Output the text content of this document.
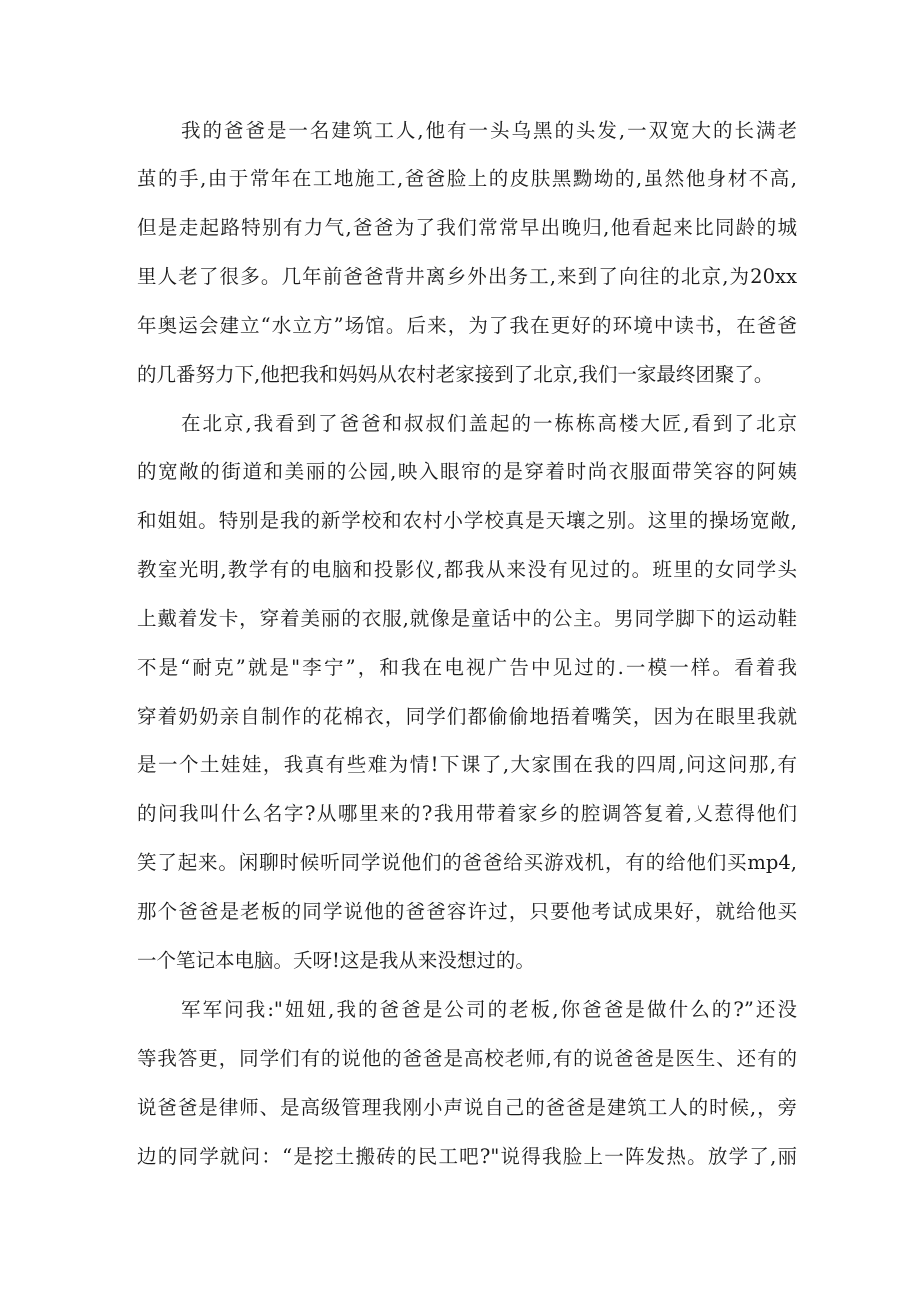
我的爸爸是一名建筑工人,他有一头乌黑的头发,一双宽大的长满老
茧的手,由于常年在工地施工,爸爸脸上的皮肤黑黝坳的,虽然他身材不高,
但是走起路特别有力气,爸爸为了我们常常早出晚归,他看起来比同龄的城
里人老了很多。几年前爸爸背井离乡外出务工,来到了向往的北京,为20xx
年奥运会建立“水立方”场馆。后来，为了我在更好的环境中读书，在爸爸
的几番努力下,他把我和妈妈从农村老家接到了北京,我们一家最终团聚了。
在北京,我看到了爸爸和叔叔们盖起的一栋栋高楼大匠,看到了北京
的宽敞的街道和美丽的公园,映入眼帘的是穿着时尚衣服面带笑容的阿姨
和姐姐。特别是我的新学校和农村小学校真是天壤之别。这里的操场宽敞,
教室光明,教学有的电脑和投影仪,都我从来没有见过的。班里的女同学头
上戴着发卡，穿着美丽的衣服,就像是童话中的公主。男同学脚下的运动鞋
不是“耐克”就是"李宁”，和我在电视广告中见过的.一模一样。看着我
穿着奶奶亲自制作的花棉衣，同学们都偷偷地捂着嘴笑，因为在眼里我就
是一个土娃娃，我真有些难为情!下课了,大家围在我的四周,问这问那,有
的问我叫什么名字?从哪里来的?我用带着家乡的腔调答复着,乂惹得他们
笑了起来。闲聊时候听同学说他们的爸爸给买游戏机，有的给他们买mp4,
那个爸爸是老板的同学说他的爸爸容许过，只要他考试成果好，就给他买
一个笔记本电脑。夭呀!这是我从来没想过的。
军军问我:"妞妞,我的爸爸是公司的老板,你爸爸是做什么的?”还没
等我答更，同学们有的说他的爸爸是高校老师,有的说爸爸是医生、还有的
说爸爸是律师、是高级管理我刚小声说自己的爸爸是建筑工人的时候,，旁
边的同学就问：“是挖土搬砖的民工吧?"说得我脸上一阵发热。放学了,丽
